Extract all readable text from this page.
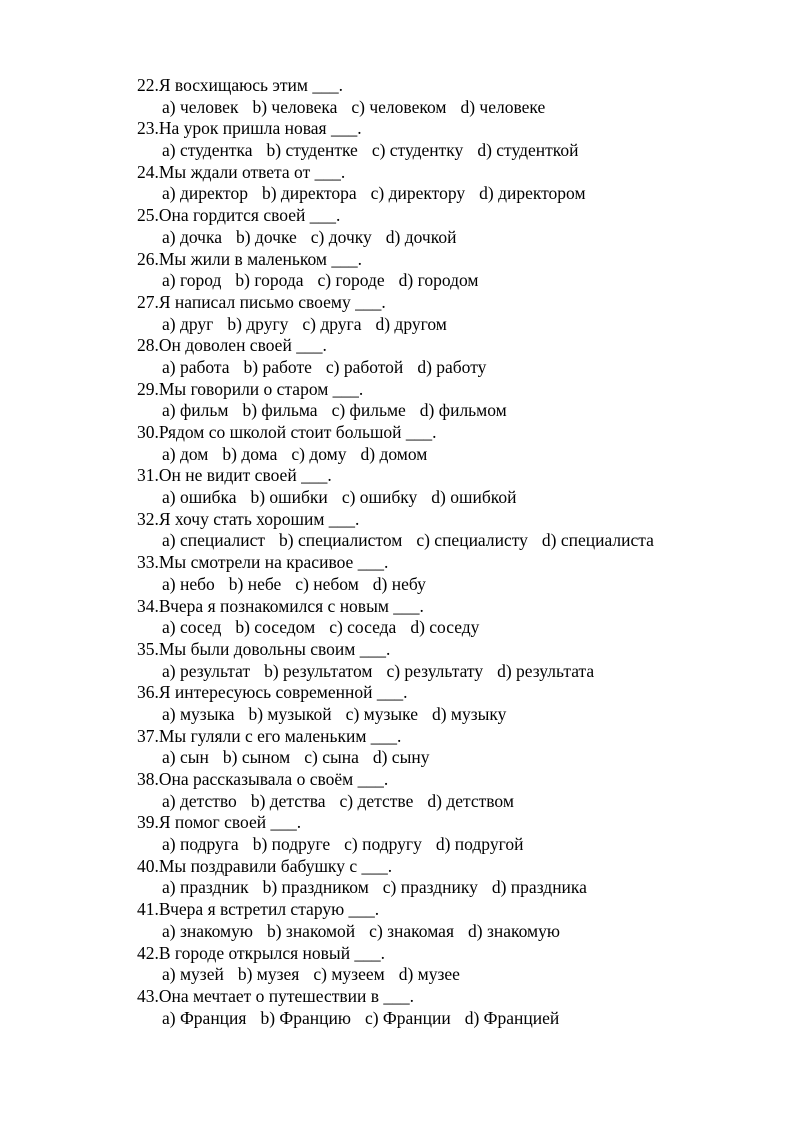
22.Я восхищаюсь этим ___.
a) человек b) человека c) человеком d) человеке
23.На урок пришла новая ___.
a) студентка b) студентке c) студентку d) студенткой
24.Мы ждали ответа от ___.
a) директор b) директора c) директору d) директором
25.Она гордится своей ___.
a) дочка b) дочке c) дочку d) дочкой
26.Мы жили в маленьком ___.
a) город b) города c) городе d) городом
27.Я написал письмо своему ___.
a) друг b) другу c) друга d) другом
28.Он доволен своей ___.
a) работа b) работе c) работой d) работу
29.Мы говорили о старом ___.
a) фильм b) фильма c) фильме d) фильмом
30.Рядом со школой стоит большой ___.
a) дом b) дома c) дому d) домом
31.Он не видит своей ___.
a) ошибка b) ошибки c) ошибку d) ошибкой
32.Я хочу стать хорошим ___.
a) специалист b) специалистом c) специалисту d) специалиста
33.Мы смотрели на красивое ___.
a) небо b) небе c) небом d) небу
34.Вчера я познакомился с новым ___.
a) сосед b) соседом c) соседа d) соседу
35.Мы были довольны своим ___.
a) результат b) результатом c) результату d) результата
36.Я интересуюсь современной ___.
a) музыка b) музыкой c) музыке d) музыку
37.Мы гуляли с его маленьким ___.
a) сын b) сыном c) сына d) сыну
38.Она рассказывала о своём ___.
a) детство b) детства c) детстве d) детством
39.Я помог своей ___.
a) подруга b) подруге c) подругу d) подругой
40.Мы поздравили бабушку с ___.
a) праздник b) праздником c) празднику d) праздника
41.Вчера я встретил старую ___.
a) знакомую b) знакомой c) знакомая d) знакомую
42.В городе открылся новый ___.
a) музей b) музея c) музеем d) музее
43.Она мечтает о путешествии в ___.
a) Франция b) Францию c) Франции d) Францией
